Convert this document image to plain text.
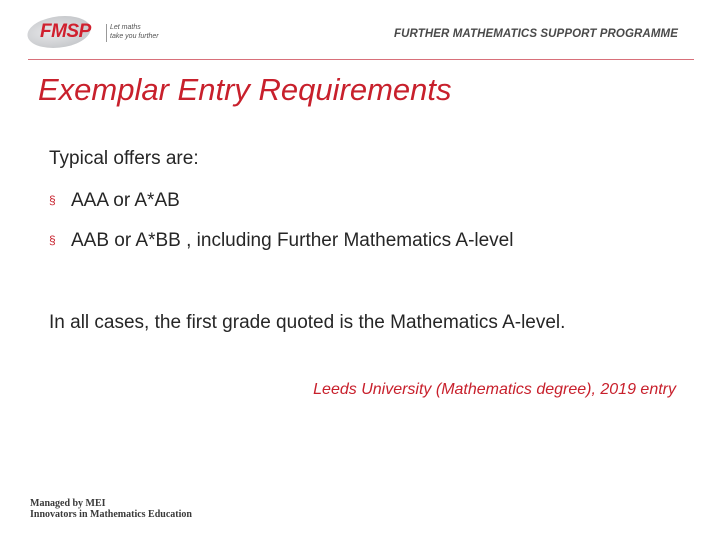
FMSP	Let maths
take you further	FURTHER MATHEMATICS SUPPORT PROGRAMME
Exemplar Entry Requirements
Typical offers are:
§ AAA or A*AB
§ AAB or A*BB , including Further Mathematics A-level
In all cases, the first grade quoted is the Mathematics A-level.
Leeds University (Mathematics degree), 2019 entry
Managed by MEI
Innovators in Mathematics Education
